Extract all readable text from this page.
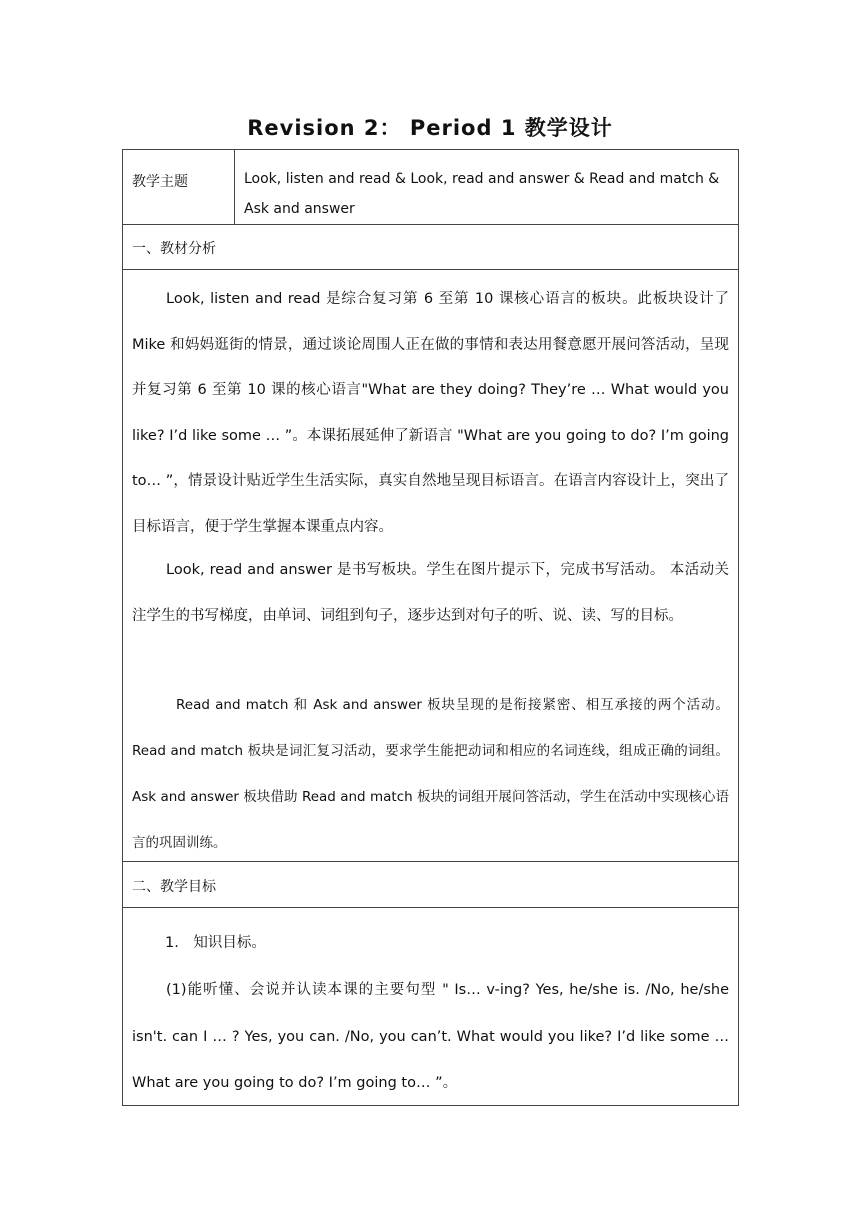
Revision 2： Period 1 教学设计
教学主题	Look, listen and read & Look, read and answer & Read and match & Ask and answer
一、教材分析

Look, listen and read 是综合复习第 6 至第 10 课核心语言的板块。此板块设计了 Mike 和妈妈逛街的情景，通过谈论周围人正在做的事情和表达用餐意愿开展问答活动，呈现并复习第 6 至第 10 课的核心语言"What are they doing? They’re … What would you like? I’d like some … ”。本课拓展延伸了新语言 "What are you going to do? I’m going to… ”，情景设计贴近学生生活实际，真实自然地呈现目标语言。在语言内容设计上，突出了目标语言，便于学生掌握本课重点内容。

Look, read and answer 是书写板块。学生在图片提示下，完成书写活动。 本活动关注学生的书写梯度，由单词、词组到句子，逐步达到对句子的听、说、读、写的目标。

Read and match 和 Ask and answer 板块呈现的是衔接紧密、相互承接的两个活动。Read and match 板块是词汇复习活动，要求学生能把动词和相应的名词连线，组成正确的词组。Ask and answer 板块借助 Read and match 板块的词组开展问答活动，学生在活动中实现核心语言的巩固训练。

二、教学目标

1.　知识目标。

(1)能听懂、会说并认读本课的主要句型 " Is… v-ing? Yes, he/she is. /No, he/she isn't. can I … ? Yes, you can. /No, you can’t. What would you like? I’d like some … What are you going to do? I’m going to… ”。
